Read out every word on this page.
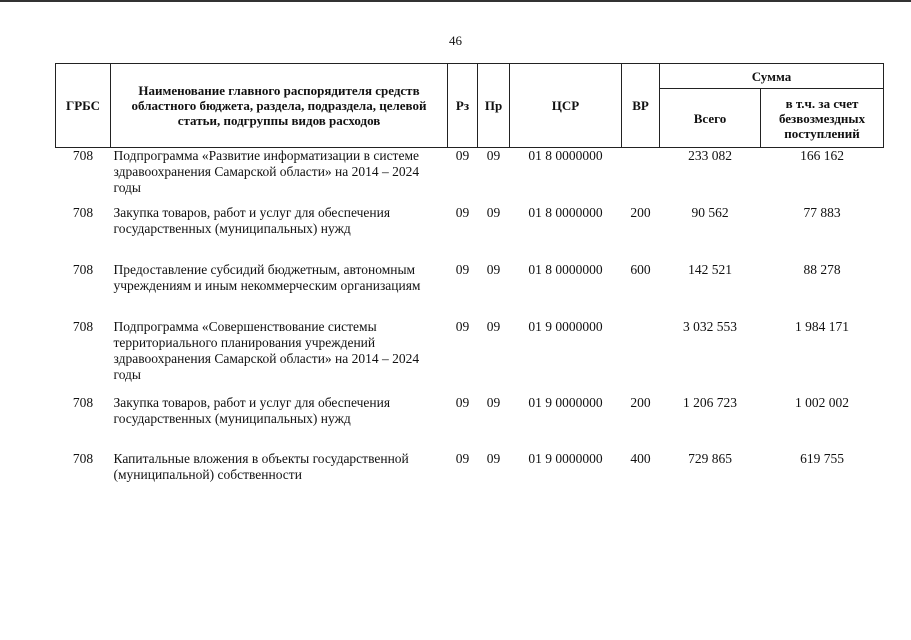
46
ГРБС	Наименование главного распорядителя средств областного бюджета, раздела, подраздела, целевой статьи, подгруппы видов расходов	Рз	Пр	ЦСР	ВР	Сумма	
						Всего	в т.ч. за счет безвозмездных поступлений
708	Подпрограмма «Развитие информатизации в системе здравоохранения Самарской области» на 2014 – 2024 годы	09	09	01 8 0000000		233 082	166 162
708	Закупка товаров, работ и услуг для обеспечения государственных (муниципальных) нужд	09	09	01 8 0000000	200	90 562	77 883
708	Предоставление субсидий бюджетным, автономным учреждениям и иным некоммерческим организациям	09	09	01 8 0000000	600	142 521	88 278
708	Подпрограмма «Совершенствование системы территориального планирования учреждений здравоохранения Самарской области» на 2014 – 2024 годы	09	09	01 9 0000000		3 032 553	1 984 171
708	Закупка товаров, работ и услуг для обеспечения государственных (муниципальных) нужд	09	09	01 9 0000000	200	1 206 723	1 002 002
708	Капитальные вложения в объекты государственной (муниципальной) собственности	09	09	01 9 0000000	400	729 865	619 755
